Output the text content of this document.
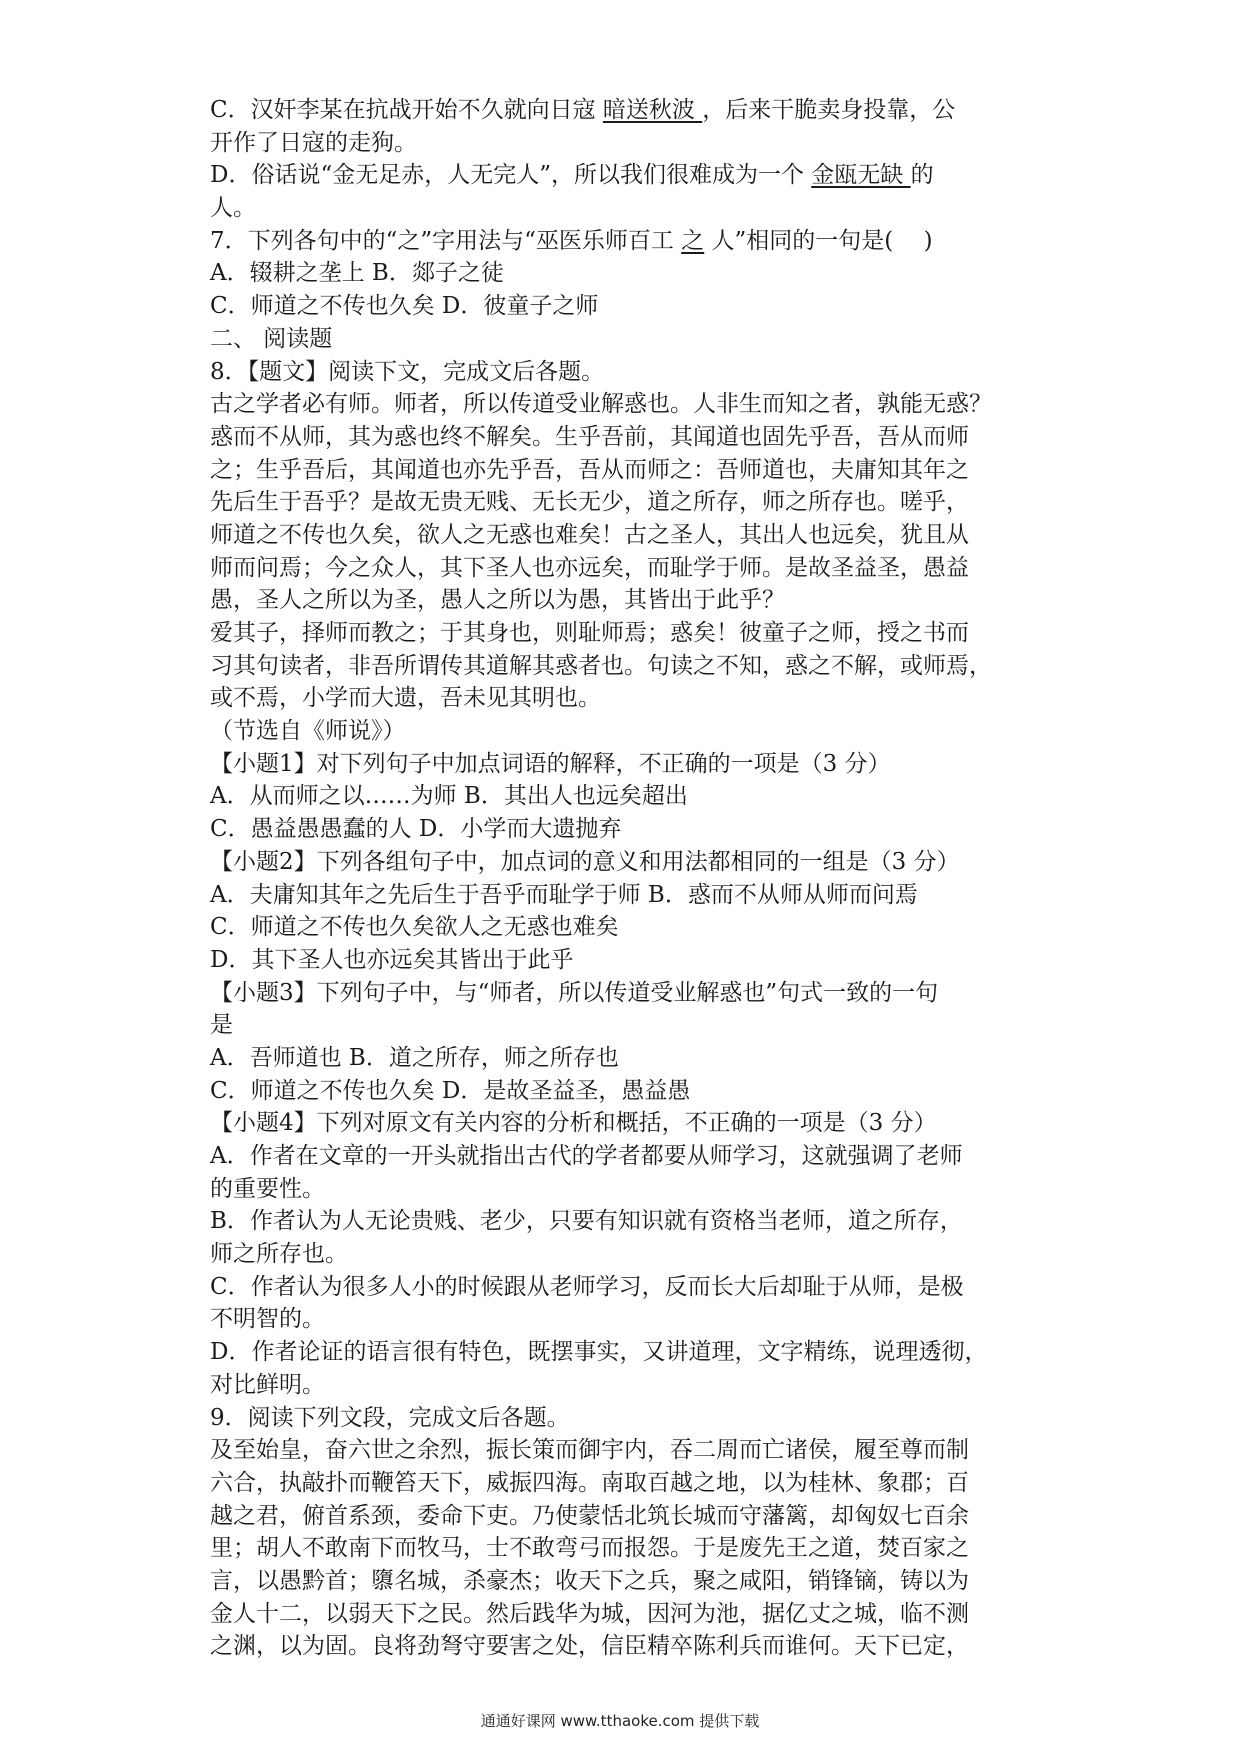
C．汉奸李某在抗战开始不久就向日寇 暗送秋波 ，后来干脆卖身投靠，公
开作了日寇的走狗。
D．俗话说“金无足赤，人无完人”，所以我们很难成为一个 金瓯无缺 的
人。
7．下列各句中的“之”字用法与“巫医乐师百工 之 人”相同的一句是(　 )
A．辍耕之垄上 B．郯子之徒
C．师道之不传也久矣 D．彼童子之师
二、 阅读题
8．【题文】阅读下文，完成文后各题。
古之学者必有师。师者，所以传道受业解惑也。人非生而知之者，孰能无惑？
惑而不从师，其为惑也终不解矣。生乎吾前，其闻道也固先乎吾，吾从而师
之；生乎吾后，其闻道也亦先乎吾，吾从而师之：吾师道也，夫庸知其年之
先后生于吾乎？是故无贵无贱、无长无少，道之所存，师之所存也。嗟乎，
师道之不传也久矣，欲人之无惑也难矣！古之圣人，其出人也远矣，犹且从
师而问焉；今之众人，其下圣人也亦远矣，而耻学于师。是故圣益圣，愚益
愚，圣人之所以为圣，愚人之所以为愚，其皆出于此乎？
爱其子，择师而教之；于其身也，则耻师焉；惑矣！彼童子之师，授之书而
习其句读者，非吾所谓传其道解其惑者也。句读之不知，惑之不解，或师焉，
或不焉，小学而大遗，吾未见其明也。
（节选自《师说》）
【小题1】对下列句子中加点词语的解释，不正确的一项是（3 分）
A．从而师之以……为师 B．其出人也远矣超出
C．愚益愚愚蠢的人 D．小学而大遗抛弃
【小题2】下列各组句子中，加点词的意义和用法都相同的一组是（3 分）
A．夫庸知其年之先后生于吾乎而耻学于师 B．惑而不从师从师而问焉
C．师道之不传也久矣欲人之无惑也难矣
D．其下圣人也亦远矣其皆出于此乎
【小题3】下列句子中，与“师者，所以传道受业解惑也”句式一致的一句
是
A．吾师道也 B．道之所存，师之所存也
C．师道之不传也久矣 D．是故圣益圣，愚益愚
【小题4】下列对原文有关内容的分析和概括，不正确的一项是（3 分）
A．作者在文章的一开头就指出古代的学者都要从师学习，这就强调了老师
的重要性。
B．作者认为人无论贵贱、老少，只要有知识就有资格当老师，道之所存，
师之所存也。
C．作者认为很多人小的时候跟从老师学习，反而长大后却耻于从师，是极
不明智的。
D．作者论证的语言很有特色，既摆事实，又讲道理，文字精练，说理透彻，
对比鲜明。
9．阅读下列文段，完成文后各题。
及至始皇，奋六世之余烈，振长策而御宇内，吞二周而亡诸侯，履至尊而制
六合，执敲扑而鞭笞天下，威振四海。南取百越之地，以为桂林、象郡；百
越之君，俯首系颈，委命下吏。乃使蒙恬北筑长城而守藩篱，却匈奴七百余
里；胡人不敢南下而牧马，士不敢弯弓而报怨。于是废先王之道，焚百家之
言，以愚黔首；隳名城，杀豪杰；收天下之兵，聚之咸阳，销锋镝，铸以为
金人十二，以弱天下之民。然后践华为城，因河为池，据亿丈之城，临不测
之渊，以为固。良将劲弩守要害之处，信臣精卒陈利兵而谁何。天下已定，
通通好课网 www.tthaoke.com 提供下载
